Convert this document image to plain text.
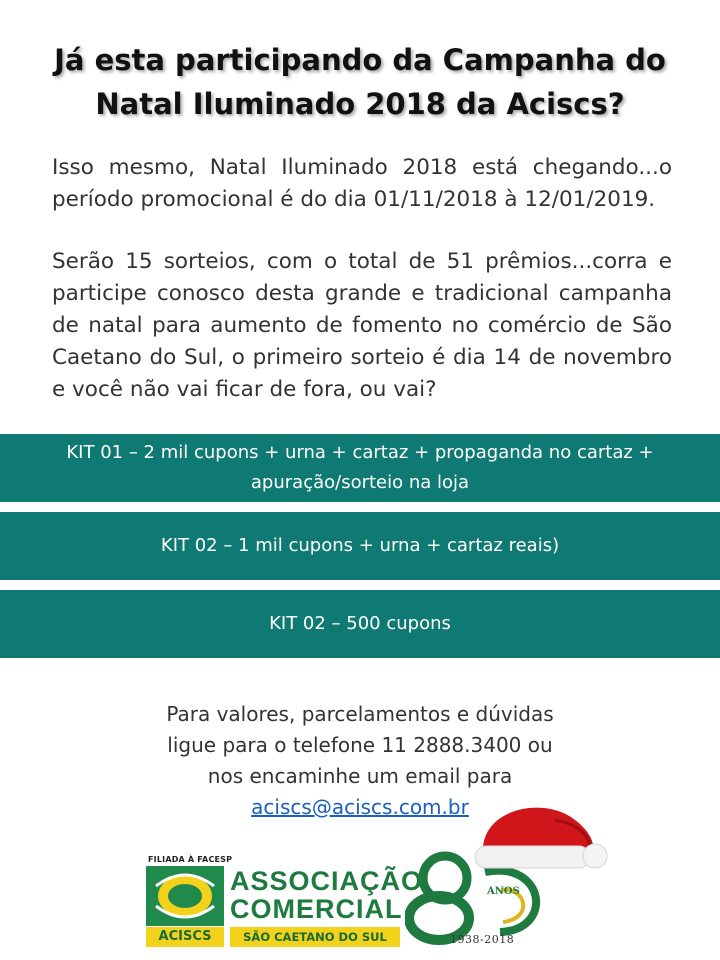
Já esta participando da Campanha do
Natal Iluminado 2018 da Aciscs?
Isso mesmo, Natal Iluminado 2018 está chegando...o período promocional é do dia 01/11/2018 à 12/01/2019.
Serão 15 sorteios, com o total de 51 prêmios...corra e participe conosco desta grande e tradicional campanha de natal para aumento de fomento no comércio de São Caetano do Sul, o primeiro sorteio é dia 14 de novembro e você não vai ficar de fora, ou vai?
KIT 01 – 2 mil cupons + urna + cartaz + propaganda no cartaz +
apuração/sorteio na loja
KIT 02 – 1 mil cupons + urna + cartaz reais)
KIT 02 – 500 cupons
Para valores, parcelamentos e dúvidas
ligue para o telefone 11 2888.3400 ou
nos encaminhe um email para
aciscs@aciscs.com.br
FILIADA À FACESP
ACISCS
ASSOCIAÇÃO
COMERCIAL
SÃO CAETANO DO SUL
ANOS
1938-2018
